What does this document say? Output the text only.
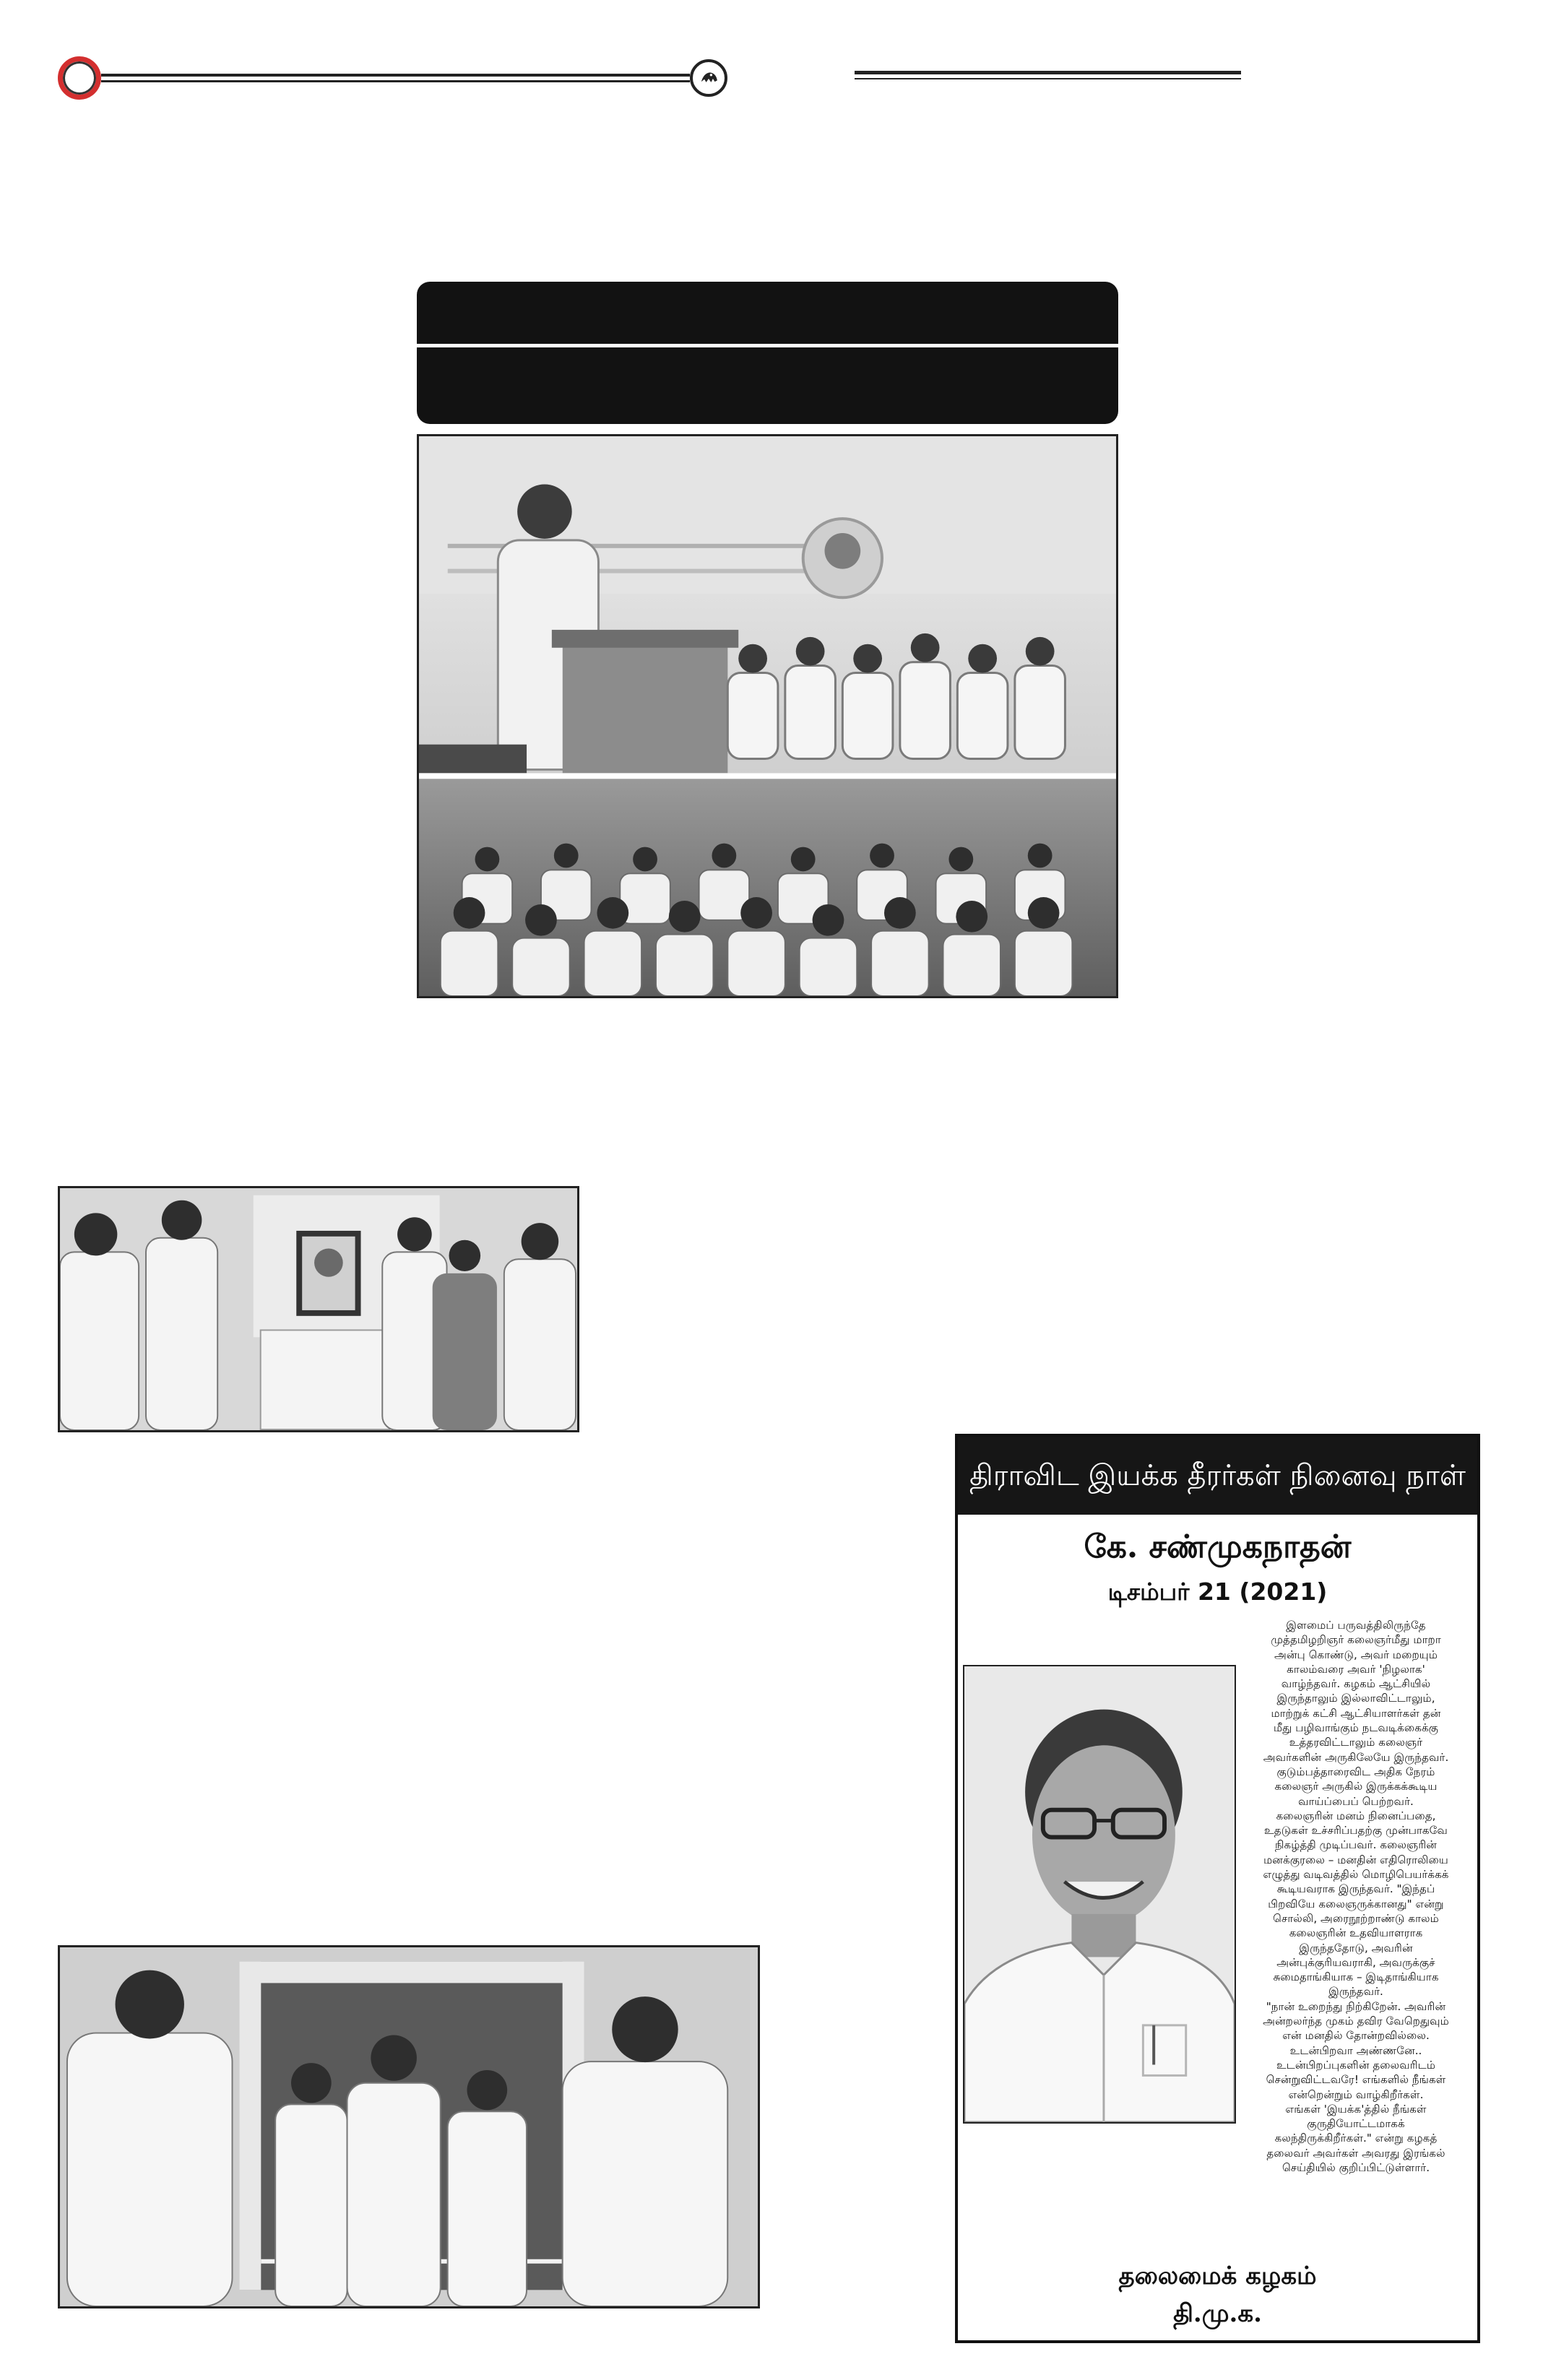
திராவிட இயக்க தீரர்கள் நினைவு நாள்
கே. சண்முகநாதன்
டிசம்பர் 21 (2021)
இளமைப் பருவத்திலிருந்தே
முத்தமிழறிஞர் கலைஞர்மீது மாறா
அன்பு கொண்டு, அவர் மறையும்
காலம்வரை அவர் 'நிழலாக'
வாழ்ந்தவர். கழகம் ஆட்சியில்
இருந்தாலும் இல்லாவிட்டாலும்,
மாற்றுக் கட்சி ஆட்சியாளர்கள் தன்
மீது பழிவாங்கும் நடவடிக்கைக்கு
உத்தரவிட்டாலும் கலைஞர்
அவர்களின் அருகிலேயே இருந்தவர்.
குடும்பத்தாரைவிட அதிக நேரம்
கலைஞர் அருகில் இருக்கக்கூடிய
வாய்ப்பைப் பெற்றவர்.
கலைஞரின் மனம் நினைப்பதை,
உதடுகள் உச்சரிப்பதற்கு முன்பாகவே
நிகழ்த்தி முடிப்பவர். கலைஞரின்
மனக்குரலை – மனதின் எதிரொலியை
எழுத்து வடிவத்தில் மொழிபெயர்க்கக்
கூடியவராக இருந்தவர். "இந்தப்
பிறவியே கலைஞருக்கானது" என்று
சொல்லி, அரைநூற்றாண்டு காலம்
கலைஞரின் உதவியாளராக
இருந்ததோடு, அவரின்
அன்புக்குரியவராகி, அவருக்குச்
சுமைதாங்கியாக – இடிதாங்கியாக
இருந்தவர்.
"நான் உறைந்து நிற்கிறேன். அவரின்
அன்றலர்ந்த முகம் தவிர வேறெதுவும்
என் மனதில் தோன்றவில்லை.
உடன்பிறவா அண்ணனே..
உடன்பிறப்புகளின் தலைவரிடம்
சென்றுவிட்டவரே! எங்களில் நீங்கள்
என்றென்றும் வாழ்கிறீர்கள்.
எங்கள் 'இயக்க'த்தில் நீங்கள்
குருதியோட்டமாகக்
கலந்திருக்கிறீர்கள்." என்று கழகத்
தலைவர் அவர்கள் அவரது இரங்கல்
செய்தியில் குறிப்பிட்டுள்ளார்.
தலைமைக் கழகம்
தி.மு.க.
